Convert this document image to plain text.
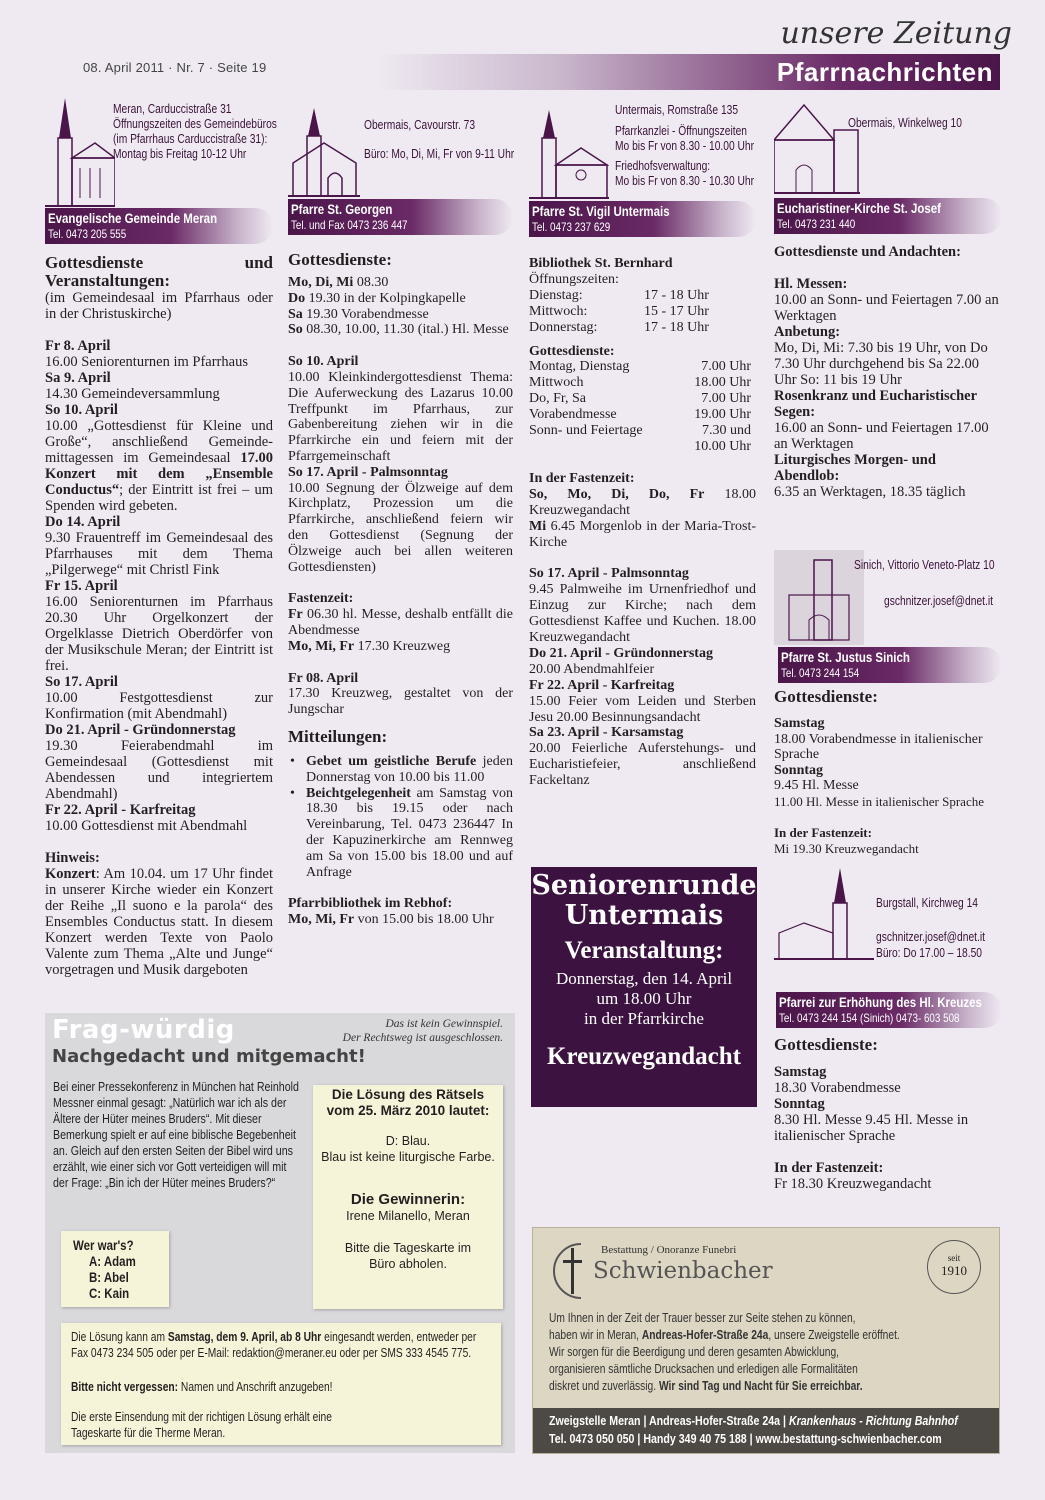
08. April 2011 · Nr. 7 · Seite 19
unsere Zeitung
Pfarrnachrichten
Meran, Carduccistraße 31
Öffnungszeiten des Gemeindebüros
(im Pfarrhaus Carduccistraße 31):
Montag bis Freitag 10-12 Uhr
Evangelische Gemeinde Meran
Tel. 0473 205 555

Gottesdienste und Veranstaltungen:

(im Gemeindesaal im Pfarrhaus oder in der Christuskirche)

Fr 8. April

16.00 Seniorenturnen im Pfarrhaus

Sa 9. April

14.30 Gemeindeversammlung

So 10. April

10.00 „Gottesdienst für Kleine und Große“, anschließend Gemeindemittagessen im Gemeindesaal 17.00 Konzert mit dem „Ensemble Conductus“; der Eintritt ist frei – um Spenden wird gebeten.

Do 14. April

9.30 Frauentreff im Gemeindesaal des Pfarrhauses mit dem Thema „Pilgerwege“ mit Christl Fink

Fr 15. April

16.00 Seniorenturnen im Pfarrhaus 20.30 Uhr Orgelkonzert der Orgelklasse Dietrich Oberdörfer von der Musikschule Meran; der Eintritt ist frei.

So 17. April

10.00 Festgottesdienst zur Konfirmation (mit Abendmahl)

Do 21. April - Gründonnerstag

19.30 Feierabendmahl im Gemeindesaal (Gottesdienst mit Abendessen und integriertem Abendmahl)

Fr 22. April - Karfreitag

10.00 Gottesdienst mit Abendmahl

Hinweis:

Konzert: Am 10.04. um 17 Uhr findet in unserer Kirche wieder ein Konzert der Reihe „Il suono e la parola“ des Ensembles Conductus statt. In diesem Konzert werden Texte von Paolo Valente zum Thema „Alte und Junge“ vorgetragen und Musik dargeboten

Obermais, Cavourstr. 73
Büro: Mo, Di, Mi, Fr von 9-11 Uhr
Pfarre St. Georgen
Tel. und Fax 0473 236 447

Gottesdienste:

Mo, Di, Mi 08.30

Do 19.30 in der Kolpingkapelle

Sa 19.30 Vorabendmesse

So 08.30, 10.00, 11.30 (ital.) Hl. Messe

So 10. April

10.00 Kleinkindergottesdienst Thema: Die Auferweckung des Lazarus 10.00 Treffpunkt im Pfarrhaus, zur Gabenbereitung ziehen wir in die Pfarrkirche ein und feiern mit der Pfarrgemeinschaft

So 17. April - Palmsonntag

10.00 Segnung der Ölzweige auf dem Kirchplatz, Prozession um die Pfarrkirche, anschließend feiern wir den Gottesdienst (Segnung der Ölzweige auch bei allen weiteren Gottesdiensten)

Fastenzeit:

Fr 06.30 hl. Messe, deshalb entfällt die Abendmesse

Mo, Mi, Fr 17.30 Kreuzweg

Fr 08. April

17.30 Kreuzweg, gestaltet von der Jungschar

Mitteilungen:

• Gebet um geistliche Berufe jeden Donnerstag von 10.00 bis 11.00
• Beichtgelegenheit am Samstag von 18.30 bis 19.15 oder nach Vereinbarung, Tel. 0473 236447 In der Kapuzinerkirche am Rennweg am Sa von 15.00 bis 18.00 und auf Anfrage

Pfarrbibliothek im Rebhof:

Mo, Mi, Fr von 15.00 bis 18.00 Uhr

Untermais, Romstraße 135
Pfarrkanzlei - Öffnungszeiten
Mo bis Fr von 8.30 - 10.00 Uhr
Friedhofsverwaltung:
Mo bis Fr von 8.30 - 10.30 Uhr
Pfarre St. Vigil Untermais
Tel. 0473 237 629

Bibliothek St. Bernhard

Öffnungszeiten:

Dienstag:	17 - 18 Uhr
Mittwoch:	15 - 17 Uhr
Donnerstag:	17 - 18 Uhr

Gottesdienste:

Montag, Dienstag	7.00 Uhr
Mittwoch	18.00 Uhr
Do, Fr, Sa	7.00 Uhr
Vorabendmesse	19.00 Uhr
Sonn- und Feiertage	7.30 und
10.00 Uhr

In der Fastenzeit:

So, Mo, Di, Do, Fr 18.00 Kreuzwegandacht

Mi 6.45 Morgenlob in der Maria-Trost-Kirche

So 17. April - Palmsonntag

9.45 Palmweihe im Urnenfriedhof und Einzug zur Kirche; nach dem Gottesdienst Kaffee und Kuchen. 18.00 Kreuzwegandacht

Do 21. April - Gründonnerstag

20.00 Abendmahlfeier

Fr 22. April - Karfreitag

15.00 Feier vom Leiden und Sterben Jesu 20.00 Besinnungsandacht

Sa 23. April - Karsamstag

20.00 Feierliche Auferstehungs- und Eucharistiefeier, anschließend Fackeltanz

Seniorenrunde
Untermais
Veranstaltung:
Donnerstag, den 14. April
um 18.00 Uhr
in der Pfarrkirche
Kreuzwegandacht
Obermais, Winkelweg 10
Eucharistiner-Kirche St. Josef
Tel. 0473 231 440

Gottesdienste und Andachten:

Hl. Messen:

10.00 an Sonn- und Feiertagen 7.00 an Werktagen

Anbetung:

Mo, Di, Mi: 7.30 bis 19 Uhr, von Do 7.30 Uhr durchgehend bis Sa 22.00 Uhr So: 11 bis 19 Uhr

Rosenkranz und Eucharistischer Segen:

16.00 an Sonn- und Feiertagen 17.00 an Werktagen

Liturgisches Morgen- und Abendlob:

6.35 an Werktagen, 18.35 täglich

Sinich, Vittorio Veneto-Platz 10
gschnitzer.josef@dnet.it
Pfarre St. Justus Sinich
Tel. 0473 244 154

Gottesdienste:

Samstag

18.00 Vorabendmesse in italienischer Sprache

Sonntag

9.45 Hl. Messe

11.00 Hl. Messe in italienischer Sprache

In der Fastenzeit:

Mi 19.30 Kreuzwegandacht

Burgstall, Kirchweg 14
gschnitzer.josef@dnet.it
Büro: Do 17.00 – 18.50
Pfarrei zur Erhöhung des Hl. Kreuzes
Tel. 0473 244 154 (Sinich) 0473- 603 508

Gottesdienste:

Samstag

18.30 Vorabendmesse

Sonntag

8.30 Hl. Messe 9.45 Hl. Messe in italienischer Sprache

In der Fastenzeit:

Fr 18.30 Kreuzwegandacht

Frag-würdig
Nachgedacht und mitgemacht!
Das ist kein Gewinnspiel.
Der Rechtsweg ist ausgeschlossen.
Bei einer Pressekonferenz in München hat Reinhold Messner einmal gesagt: „Natürlich war ich als der Ältere der Hüter meines Bruders“. Mit dieser Bemerkung spielt er auf eine biblische Begebenheit an. Gleich auf den ersten Seiten der Bibel wird uns erzählt, wie einer sich vor Gott verteidigen will mit der Frage: „Bin ich der Hüter meines Bruders?“
Wer war's?
A: Adam
B: Abel
C: Kain
Die Lösung des Rätsels vom 25. März 2010 lautet:
D: Blau.
Blau ist keine liturgische Farbe.
Die Gewinnerin:
Irene Milanello, Meran
Bitte die Tageskarte im Büro abholen.
Die Lösung kann am Samstag, dem 9. April, ab 8 Uhr eingesandt werden, entweder per Fax 0473 234 505 oder per E-Mail: redaktion@meraner.eu oder per SMS 333 4545 775.
Bitte nicht vergessen: Namen und Anschrift anzugeben!
Die erste Einsendung mit der richtigen Lösung erhält eine Tageskarte für die Therme Meran.
Bestattung / Onoranze Funebri
Schwienbacher	seit
1910
Um Ihnen in der Zeit der Trauer besser zur Seite stehen zu können,
haben wir in Meran, Andreas-Hofer-Straße 24a, unsere Zweigstelle eröffnet.
Wir sorgen für die Beerdigung und deren gesamten Abwicklung,
organisieren sämtliche Drucksachen und erledigen alle Formalitäten
diskret und zuverlässig. Wir sind Tag und Nacht für Sie erreichbar.
Zweigstelle Meran | Andreas-Hofer-Straße 24a | Krankenhaus - Richtung Bahnhof
Tel. 0473 050 050 | Handy 349 40 75 188 | www.bestattung-schwienbacher.com
